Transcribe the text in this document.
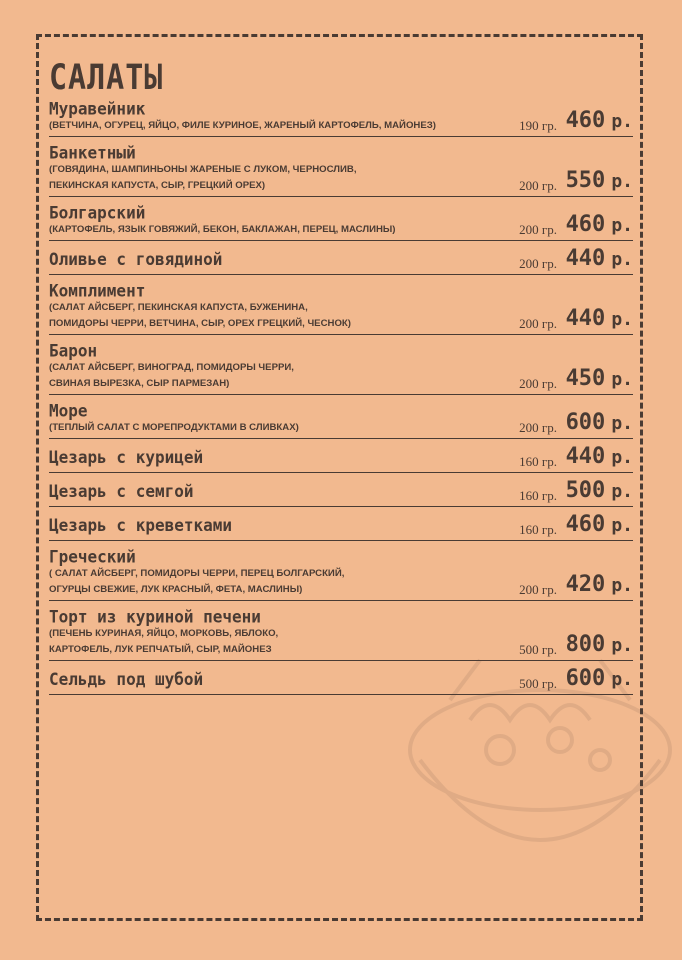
САЛАТЫ
Муравейник
(ВЕТЧИНА, ОГУРЕЦ, ЯЙЦО, ФИЛЕ КУРИНОЕ, ЖАРЕНЫЙ КАРТОФЕЛЬ, МАЙОНЕЗ)	190 гр. 460 р.
Банкетный
(ГОВЯДИНА, ШАМПИНЬОНЫ ЖАРЕНЫЕ С ЛУКОМ, ЧЕРНОСЛИВ,
ПЕКИНСКАЯ КАПУСТА, СЫР, ГРЕЦКИЙ ОРЕХ)	200 гр. 550 р.
Болгарский
(КАРТОФЕЛЬ, ЯЗЫК ГОВЯЖИЙ, БЕКОН, БАКЛАЖАН, ПЕРЕЦ, МАСЛИНЫ)	200 гр. 460 р.
Оливье с говядиной	200 гр. 440 р.
Комплимент
(САЛАТ АЙСБЕРГ, ПЕКИНСКАЯ КАПУСТА, БУЖЕНИНА,
ПОМИДОРЫ ЧЕРРИ, ВЕТЧИНА, СЫР, ОРЕХ ГРЕЦКИЙ, ЧЕСНОК)	200 гр. 440 р.
Барон
(САЛАТ АЙСБЕРГ, ВИНОГРАД, ПОМИДОРЫ ЧЕРРИ,
СВИНАЯ ВЫРЕЗКА, СЫР ПАРМЕЗАН)	200 гр. 450 р.
Море
(ТЕПЛЫЙ САЛАТ С МОРЕПРОДУКТАМИ В СЛИВКАХ)	200 гр. 600 р.
Цезарь с курицей	160 гр. 440 р.
Цезарь с семгой	160 гр. 500 р.
Цезарь с креветками	160 гр. 460 р.
Греческий
( САЛАТ АЙСБЕРГ, ПОМИДОРЫ ЧЕРРИ, ПЕРЕЦ БОЛГАРСКИЙ,
ОГУРЦЫ СВЕЖИЕ, ЛУК КРАСНЫЙ, ФЕТА, МАСЛИНЫ)	200 гр. 420 р.
Торт из куриной печени
(ПЕЧЕНЬ КУРИНАЯ, ЯЙЦО, МОРКОВЬ, ЯБЛОКО,
КАРТОФЕЛЬ, ЛУК РЕПЧАТЫЙ, СЫР, МАЙОНЕЗ	500 гр. 800 р.
Сельдь под шубой	500 гр. 600 р.
